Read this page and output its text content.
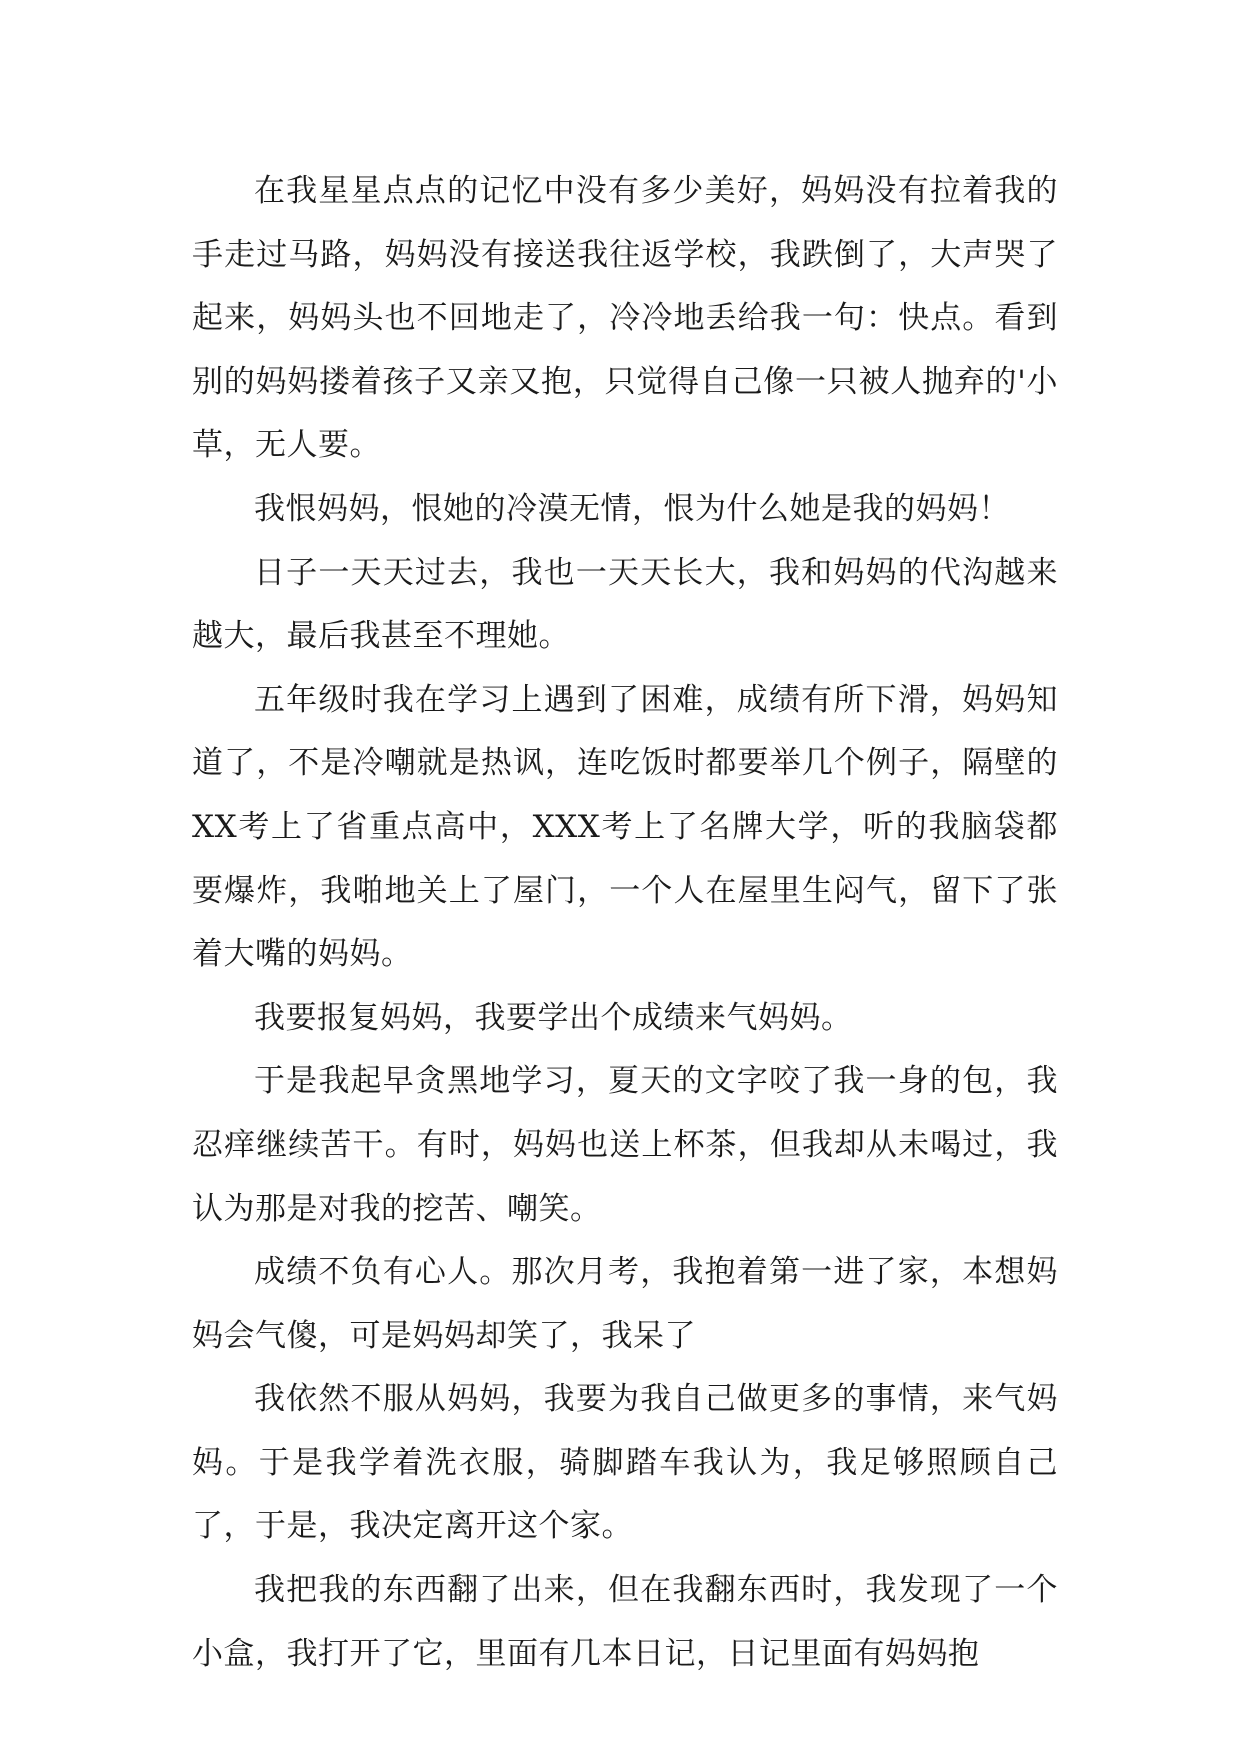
在我星星点点的记忆中没有多少美好，妈妈没有拉着我的手走过马路，妈妈没有接送我往返学校，我跌倒了，大声哭了起来，妈妈头也不回地走了，冷冷地丢给我一句：快点。看到别的妈妈搂着孩子又亲又抱，只觉得自己像一只被人抛弃的'小草，无人要。

我恨妈妈，恨她的冷漠无情，恨为什么她是我的妈妈！

日子一天天过去，我也一天天长大，我和妈妈的代沟越来越大，最后我甚至不理她。

五年级时我在学习上遇到了困难，成绩有所下滑，妈妈知道了，不是冷嘲就是热讽，连吃饭时都要举几个例子，隔壁的XX考上了省重点高中，XXX考上了名牌大学，听的我脑袋都要爆炸，我啪地关上了屋门，一个人在屋里生闷气，留下了张着大嘴的妈妈。

我要报复妈妈，我要学出个成绩来气妈妈。

于是我起早贪黑地学习，夏天的文字咬了我一身的包，我忍痒继续苦干。有时，妈妈也送上杯茶，但我却从未喝过，我认为那是对我的挖苦、嘲笑。

成绩不负有心人。那次月考，我抱着第一进了家，本想妈妈会气傻，可是妈妈却笑了，我呆了

我依然不服从妈妈，我要为我自己做更多的事情，来气妈妈。于是我学着洗衣服，骑脚踏车我认为，我足够照顾自己了，于是，我决定离开这个家。

我把我的东西翻了出来，但在我翻东西时，我发现了一个小盒，我打开了它，里面有几本日记，日记里面有妈妈抱
